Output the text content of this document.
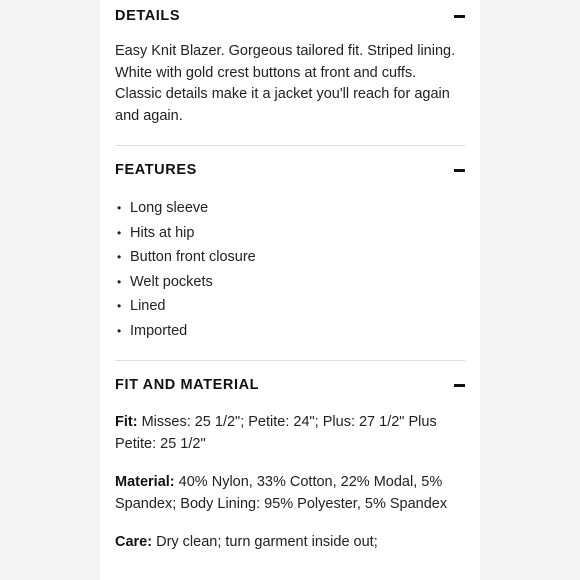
DETAILS

Easy Knit Blazer. Gorgeous tailored fit. Striped lining. White with gold crest buttons at front and cuffs. Classic details make it a jacket you'll reach for again and again.

FEATURES
• Long sleeve
• Hits at hip
• Button front closure
• Welt pockets
• Lined
• Imported
FIT AND MATERIAL

Fit: Misses: 25 1/2"; Petite: 24"; Plus: 27 1/2" Plus Petite: 25 1/2"

Material: 40% Nylon, 33% Cotton, 22% Modal, 5% Spandex; Body Lining: 95% Polyester, 5% Spandex

Care: Dry clean; turn garment inside out;
